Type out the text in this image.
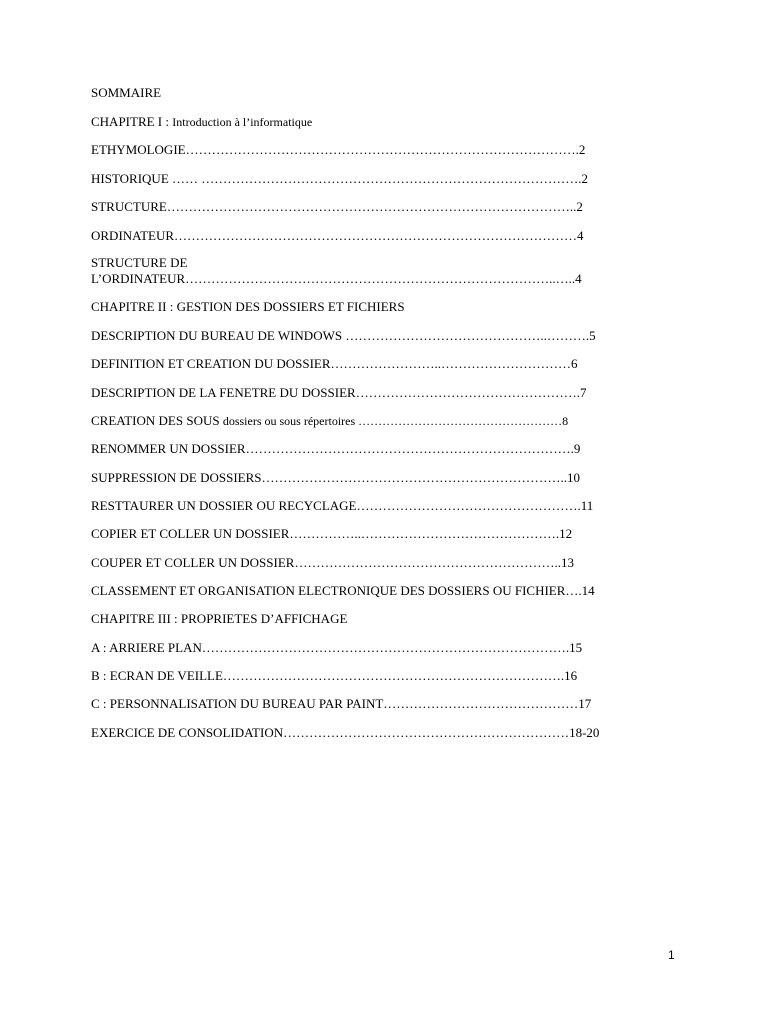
SOMMAIRE
CHAPITRE I : Introduction à l’informatique
ETHYMOLOGIE……………………………………………………………………………….2
HISTORIQUE …… …………………………………………………………………………….2
STRUCTURE…………………………………………………………………………………..2
ORDINATEUR…………………………………………………………………………………4
STRUCTURE DE
L’ORDINATEUR…………………………………………………………………………..…..4
CHAPITRE II : GESTION DES DOSSIERS ET FICHIERS
DESCRIPTION DU BUREAU DE WINDOWS ………………………………………..……….5
DEFINITION ET CREATION DU DOSSIER……………………..…………………………6
DESCRIPTION DE LA FENETRE DU DOSSIER…………………………………………….7
CREATION DES SOUS dossiers ou sous répertoires ……………………………………………8
RENOMMER UN DOSSIER………………………………………………………………….9
SUPPRESSION DE DOSSIERS……………………………………………………………..10
RESTTAURER UN DOSSIER OU RECYCLAGE…………………………………………….11
COPIER ET COLLER UN DOSSIER……………..……………………………………….12
COUPER ET COLLER UN DOSSIER……………………………………………………..13
CLASSEMENT ET ORGANISATION ELECTRONIQUE DES DOSSIERS OU FICHIER….14
CHAPITRE III : PROPRIETES D’AFFICHAGE
A : ARRIERE PLAN………………………………………………………………………….15
B : ECRAN DE VEILLE…………………………………………………………………….16
C : PERSONNALISATION DU BUREAU PAR PAINT………………………………………17
EXERCICE DE CONSOLIDATION…………………………………………………………18-20
1
